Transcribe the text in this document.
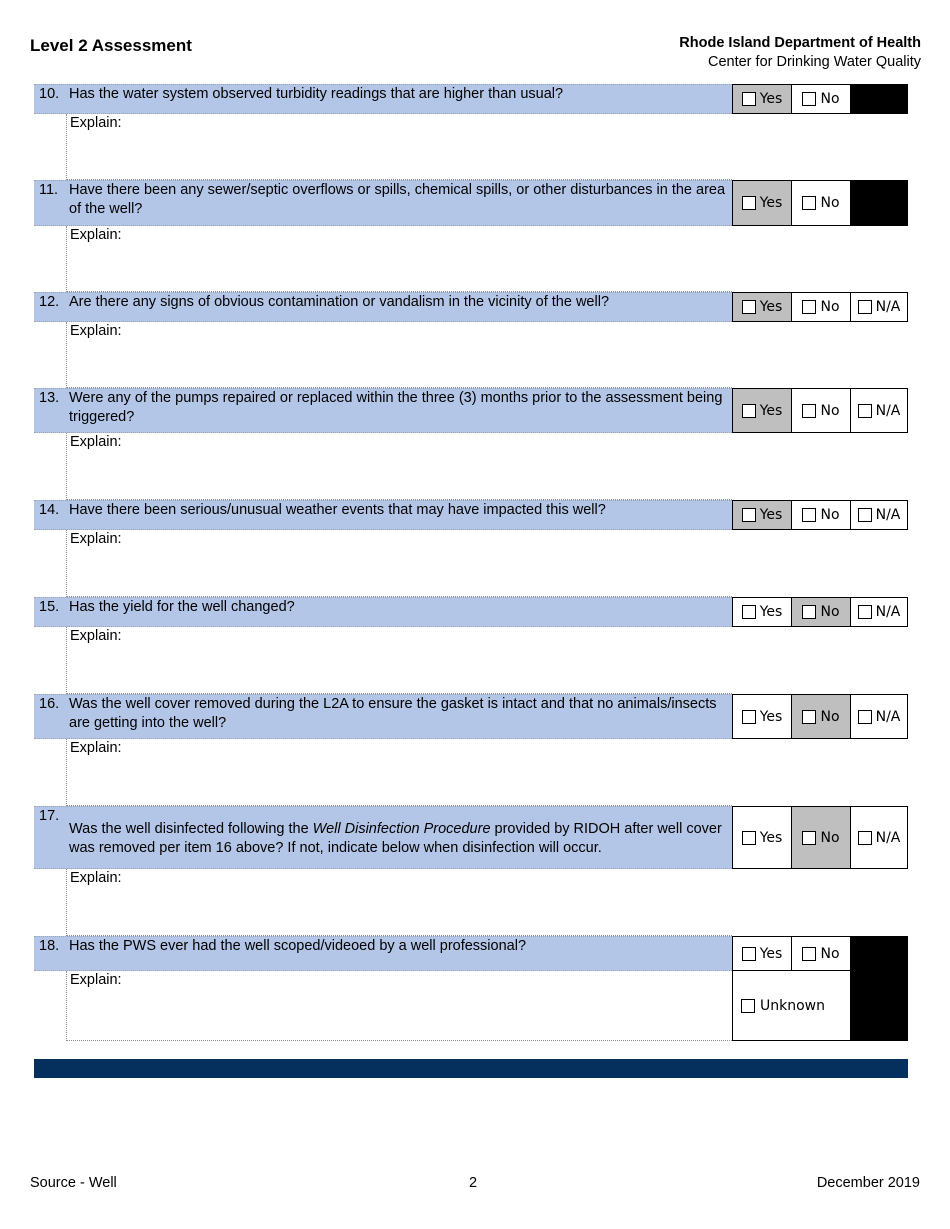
Level 2 Assessment	Rhode Island Department of Health
Center for Drinking Water Quality
10. Has the water system observed turbidity readings that are higher than usual?	Yes	No
Explain:
11. Have there been any sewer/septic overflows or spills, chemical spills, or other disturbances in the area of the well?	Yes	No
Explain:
12. Are there any signs of obvious contamination or vandalism in the vicinity of the well?	Yes	No	N/A
Explain:
13. Were any of the pumps repaired or replaced within the three (3) months prior to the assessment being triggered?	Yes	No	N/A
Explain:
14. Have there been serious/unusual weather events that may have impacted this well?	Yes	No	N/A
Explain:
15. Has the yield for the well changed?	Yes	No	N/A
Explain:
16. Was the well cover removed during the L2A to ensure the gasket is intact and that no animals/insects are getting into the well?	Yes	No	N/A
Explain:
17.
Was the well disinfected following the Well Disinfection Procedure provided by RIDOH after well cover was removed per item 16 above? If not, indicate below when disinfection will occur.
Yes	No	N/A
Explain:
18. Has the PWS ever had the well scoped/videoed by a well professional?	Yes	No
Explain:
Unknown
Source - Well	2	December 2019
